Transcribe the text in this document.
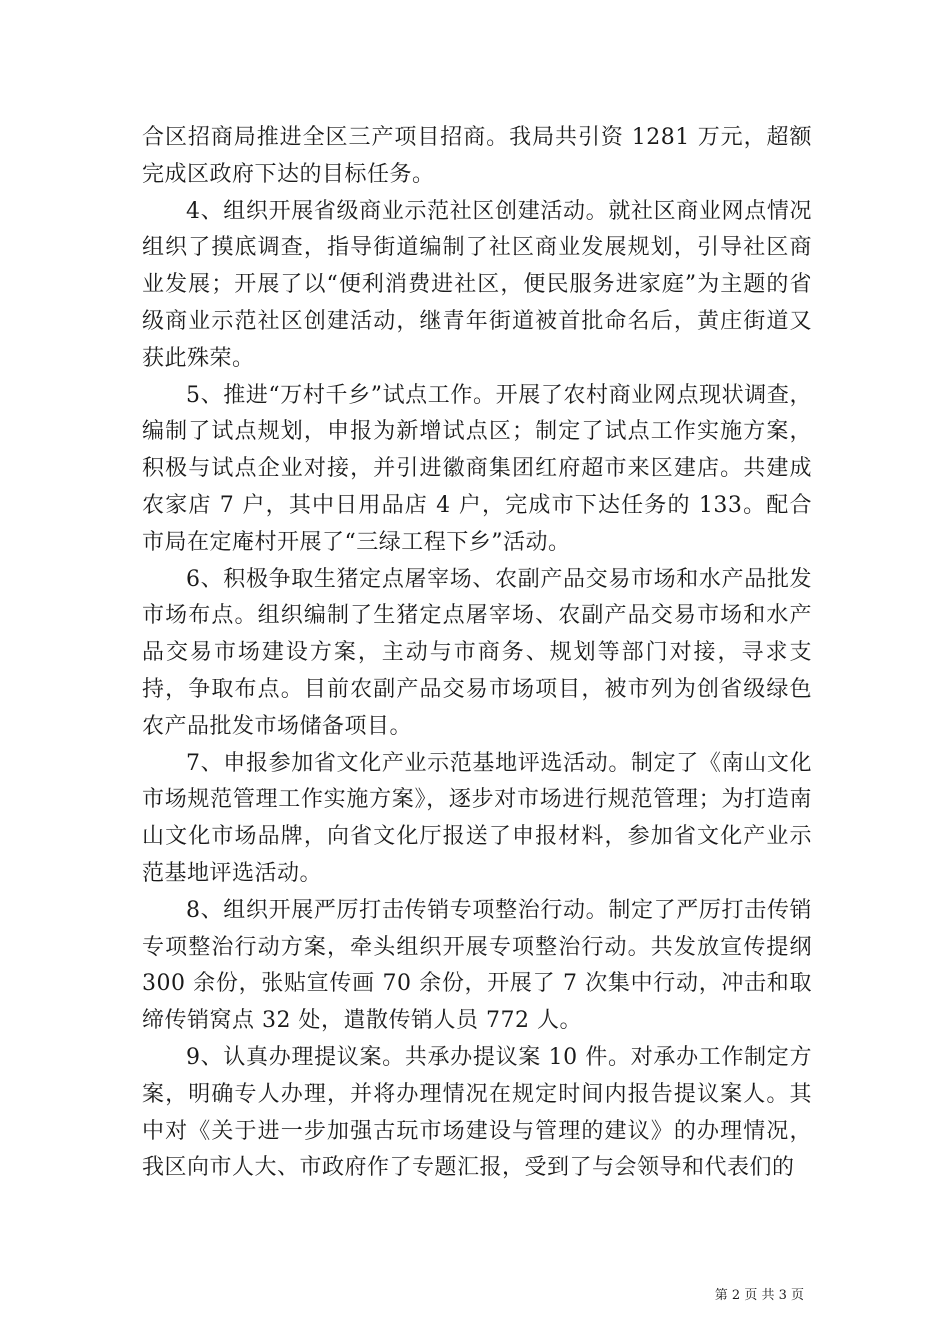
合区招商局推进全区三产项目招商。我局共引资 1281 万元，超额完成区政府下达的目标任务。

4、组织开展省级商业示范社区创建活动。就社区商业网点情况组织了摸底调查，指导街道编制了社区商业发展规划，引导社区商业发展；开展了以“便利消费进社区，便民服务进家庭”为主题的省级商业示范社区创建活动，继青年街道被首批命名后，黄庄街道又获此殊荣。

5、推进“万村千乡”试点工作。开展了农村商业网点现状调查，编制了试点规划，申报为新增试点区；制定了试点工作实施方案，积极与试点企业对接，并引进徽商集团红府超市来区建店。共建成农家店 7 户，其中日用品店 4 户，完成市下达任务的 133。配合市局在定庵村开展了“三绿工程下乡”活动。

6、积极争取生猪定点屠宰场、农副产品交易市场和水产品批发市场布点。组织编制了生猪定点屠宰场、农副产品交易市场和水产品交易市场建设方案，主动与市商务、规划等部门对接，寻求支持，争取布点。目前农副产品交易市场项目，被市列为创省级绿色农产品批发市场储备项目。

7、申报参加省文化产业示范基地评选活动。制定了《南山文化市场规范管理工作实施方案》，逐步对市场进行规范管理；为打造南山文化市场品牌，向省文化厅报送了申报材料，参加省文化产业示范基地评选活动。

8、组织开展严厉打击传销专项整治行动。制定了严厉打击传销专项整治行动方案，牵头组织开展专项整治行动。共发放宣传提纲 300 余份，张贴宣传画 70 余份，开展了 7 次集中行动，冲击和取缔传销窝点 32 处，遣散传销人员 772 人。

9、认真办理提议案。共承办提议案 10 件。对承办工作制定方案，明确专人办理，并将办理情况在规定时间内报告提议案人。其中对《关于进一步加强古玩市场建设与管理的建议》的办理情况，我区向市人大、市政府作了专题汇报，受到了与会领导和代表们的

第 2 页 共 3 页
